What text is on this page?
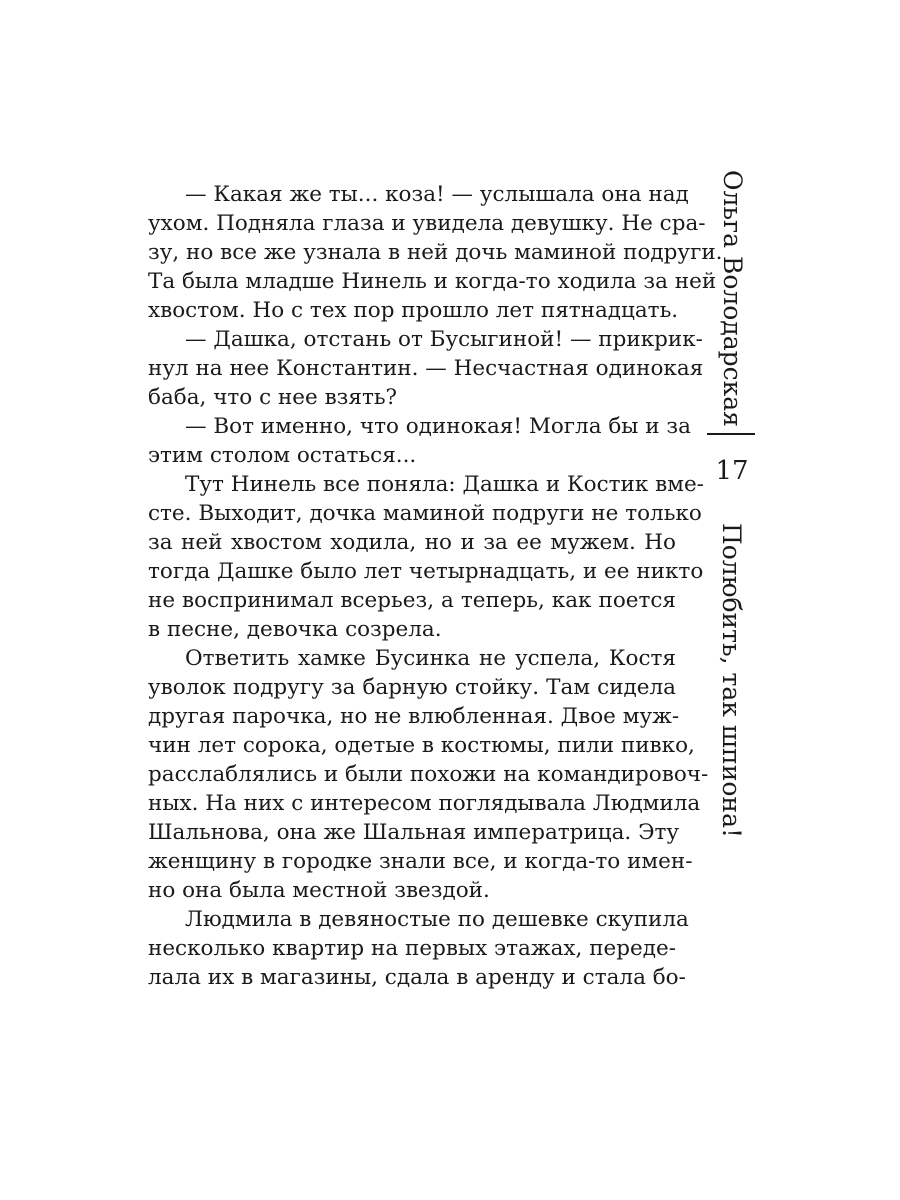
— Какая же ты... коза! — услышала она над
ухом. Подняла глаза и увидела девушку. Не сра-
зу, но все же узнала в ней дочь маминой подруги.
Та была младше Нинель и когда-то ходила за ней
хвостом. Но с тех пор прошло лет пятнадцать.
— Дашка, отстань от Бусыгиной! — прикрик-
нул на нее Константин. — Несчастная одинокая
баба, что с нее взять?
— Вот именно, что одинокая! Могла бы и за
этим столом остаться...
Тут Нинель все поняла: Дашка и Костик вме-
сте. Выходит, дочка маминой подруги не только
за ней хвостом ходила, но и за ее мужем. Но
тогда Дашке было лет четырнадцать, и ее никто
не воспринимал всерьез, а теперь, как поется
в песне, девочка созрела.
Ответить хамке Бусинка не успела, Костя
уволок подругу за барную стойку. Там сидела
другая парочка, но не влюбленная. Двое муж-
чин лет сорока, одетые в костюмы, пили пивко,
расслаблялись и были похожи на командировоч-
ных. На них с интересом поглядывала Людмила
Шальнова, она же Шальная императрица. Эту
женщину в городке знали все, и когда-то имен-
но она была местной звездой.
Людмила в девяностые по дешевке скупила
несколько квартир на первых этажах, переде-
лала их в магазины, сдала в аренду и стала бо-
Ольга Володарская
17
Полюбить, так шпиона!
